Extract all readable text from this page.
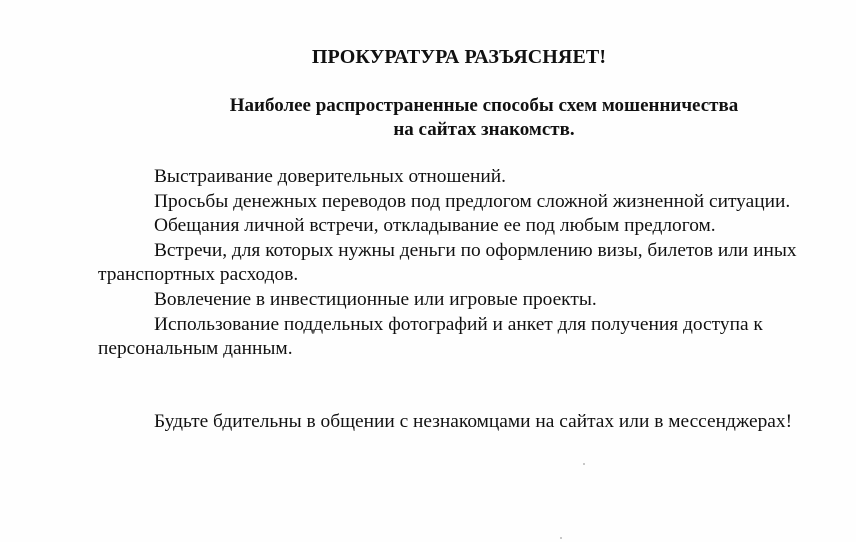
ПРОКУРАТУРА РАЗЪЯСНЯЕТ!
Наиболее распространенные способы схем мошенничества
на сайтах знакомств.

Выстраивание доверительных отношений.

Просьбы денежных переводов под предлогом сложной жизненной ситуации.

Обещания личной встречи, откладывание ее под любым предлогом.

Встречи, для которых нужны деньги по оформлению визы, билетов или иных транспортных расходов.

Вовлечение в инвестиционные или игровые проекты.

Использование поддельных фотографий и анкет для получения доступа к персональным данным.

Будьте бдительны в общении с незнакомцами на сайтах или в мессенджерах!
